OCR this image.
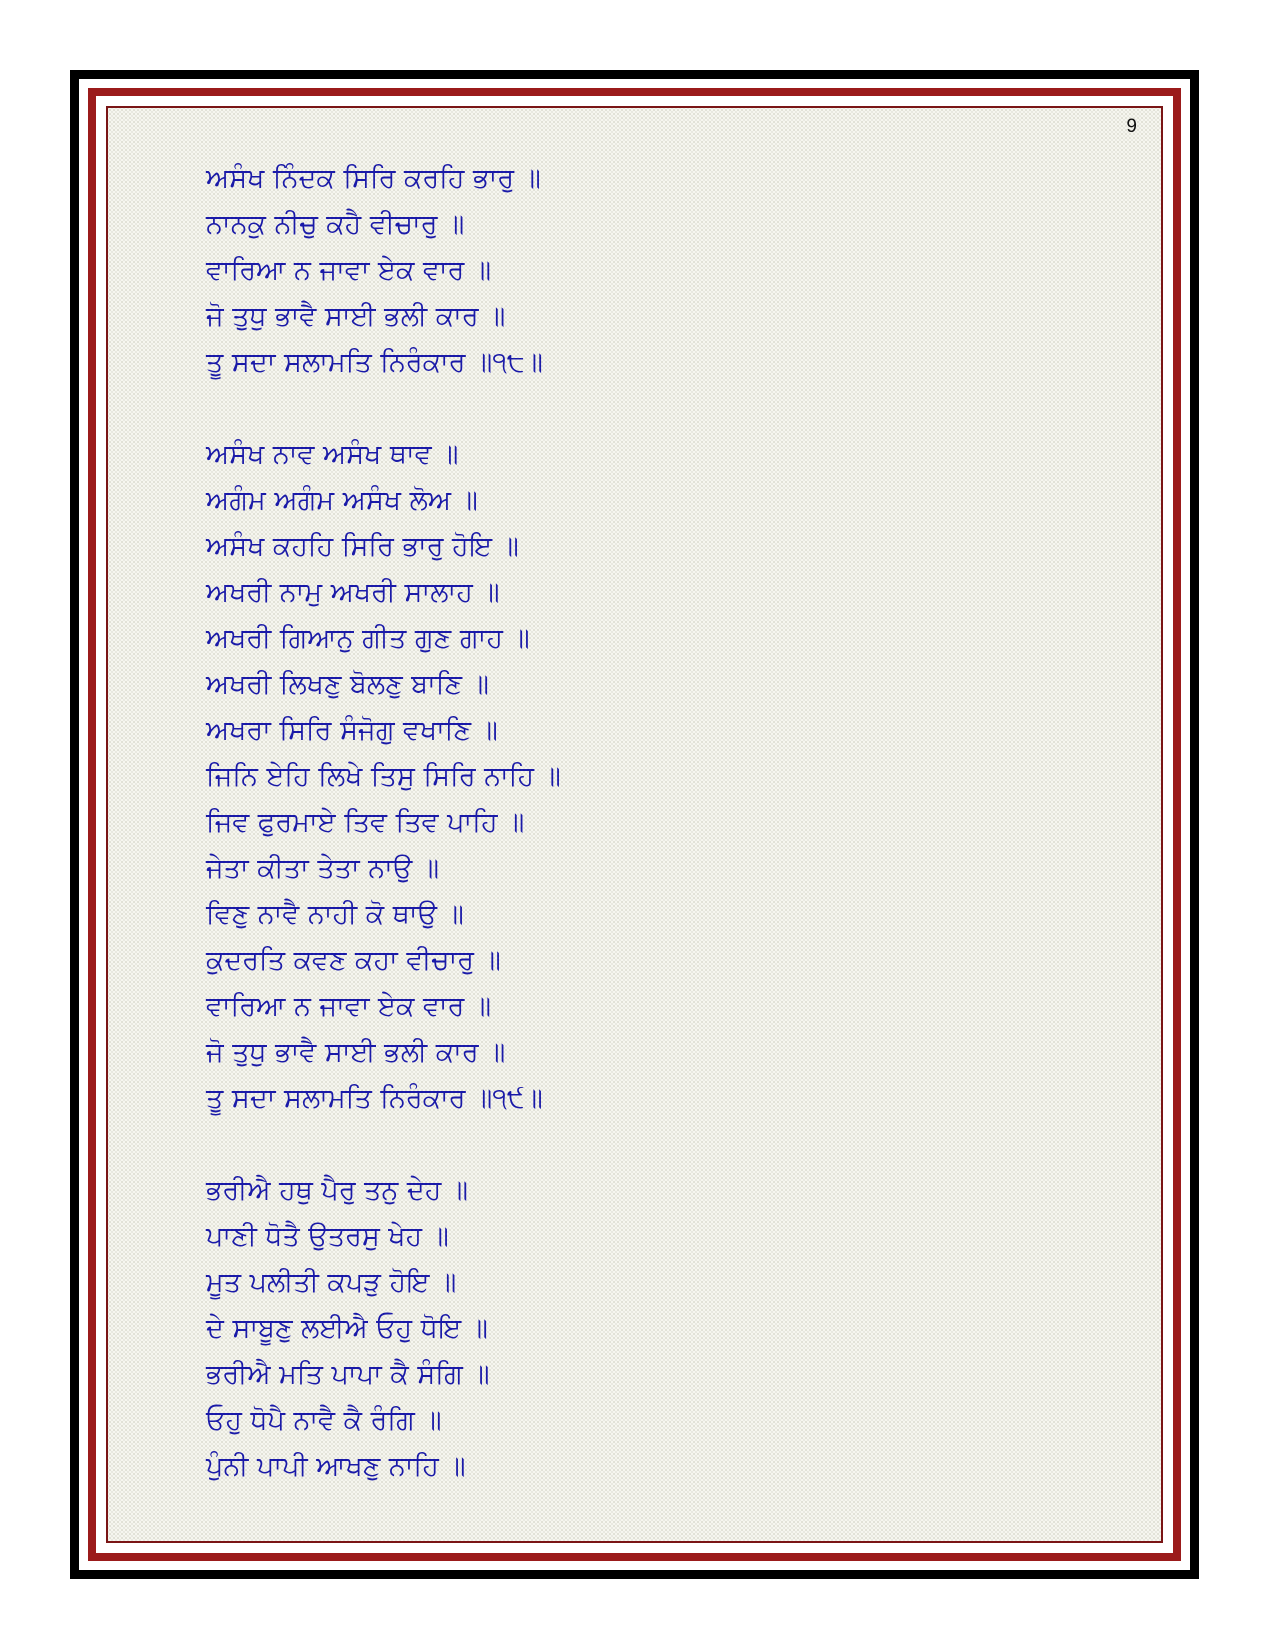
9
ਅਸੰਖ ਨਿੰਦਕ ਸਿਰਿ ਕਰਹਿ ਭਾਰੁ ॥
ਨਾਨਕੁ ਨੀਚੁ ਕਹੈ ਵੀਚਾਰੁ ॥
ਵਾਰਿਆ ਨ ਜਾਵਾ ਏਕ ਵਾਰ ॥
ਜੋ ਤੁਧੁ ਭਾਵੈ ਸਾਈ ਭਲੀ ਕਾਰ ॥
ਤੂ ਸਦਾ ਸਲਾਮਤਿ ਨਿਰੰਕਾਰ ॥੧੮॥
ਅਸੰਖ ਨਾਵ ਅਸੰਖ ਥਾਵ ॥
ਅਗੰਮ ਅਗੰਮ ਅਸੰਖ ਲੋਅ ॥
ਅਸੰਖ ਕਹਹਿ ਸਿਰਿ ਭਾਰੁ ਹੋਇ ॥
ਅਖਰੀ ਨਾਮੁ ਅਖਰੀ ਸਾਲਾਹ ॥
ਅਖਰੀ ਗਿਆਨੁ ਗੀਤ ਗੁਣ ਗਾਹ ॥
ਅਖਰੀ ਲਿਖਣੁ ਬੋਲਣੁ ਬਾਣਿ ॥
ਅਖਰਾ ਸਿਰਿ ਸੰਜੋਗੁ ਵਖਾਣਿ ॥
ਜਿਨਿ ਏਹਿ ਲਿਖੇ ਤਿਸੁ ਸਿਰਿ ਨਾਹਿ ॥
ਜਿਵ ਫੁਰਮਾਏ ਤਿਵ ਤਿਵ ਪਾਹਿ ॥
ਜੇਤਾ ਕੀਤਾ ਤੇਤਾ ਨਾਉ ॥
ਵਿਣੁ ਨਾਵੈ ਨਾਹੀ ਕੋ ਥਾਉ ॥
ਕੁਦਰਤਿ ਕਵਣ ਕਹਾ ਵੀਚਾਰੁ ॥
ਵਾਰਿਆ ਨ ਜਾਵਾ ਏਕ ਵਾਰ ॥
ਜੋ ਤੁਧੁ ਭਾਵੈ ਸਾਈ ਭਲੀ ਕਾਰ ॥
ਤੂ ਸਦਾ ਸਲਾਮਤਿ ਨਿਰੰਕਾਰ ॥੧੯॥
ਭਰੀਐ ਹਥੁ ਪੈਰੁ ਤਨੁ ਦੇਹ ॥
ਪਾਣੀ ਧੋਤੈ ਉਤਰਸੁ ਖੇਹ ॥
ਮੂਤ ਪਲੀਤੀ ਕਪੜੁ ਹੋਇ ॥
ਦੇ ਸਾਬੂਣੁ ਲਈਐ ਓਹੁ ਧੋਇ ॥
ਭਰੀਐ ਮਤਿ ਪਾਪਾ ਕੈ ਸੰਗਿ ॥
ਓਹੁ ਧੋਪੈ ਨਾਵੈ ਕੈ ਰੰਗਿ ॥
ਪੁੰਨੀ ਪਾਪੀ ਆਖਣੁ ਨਾਹਿ ॥
